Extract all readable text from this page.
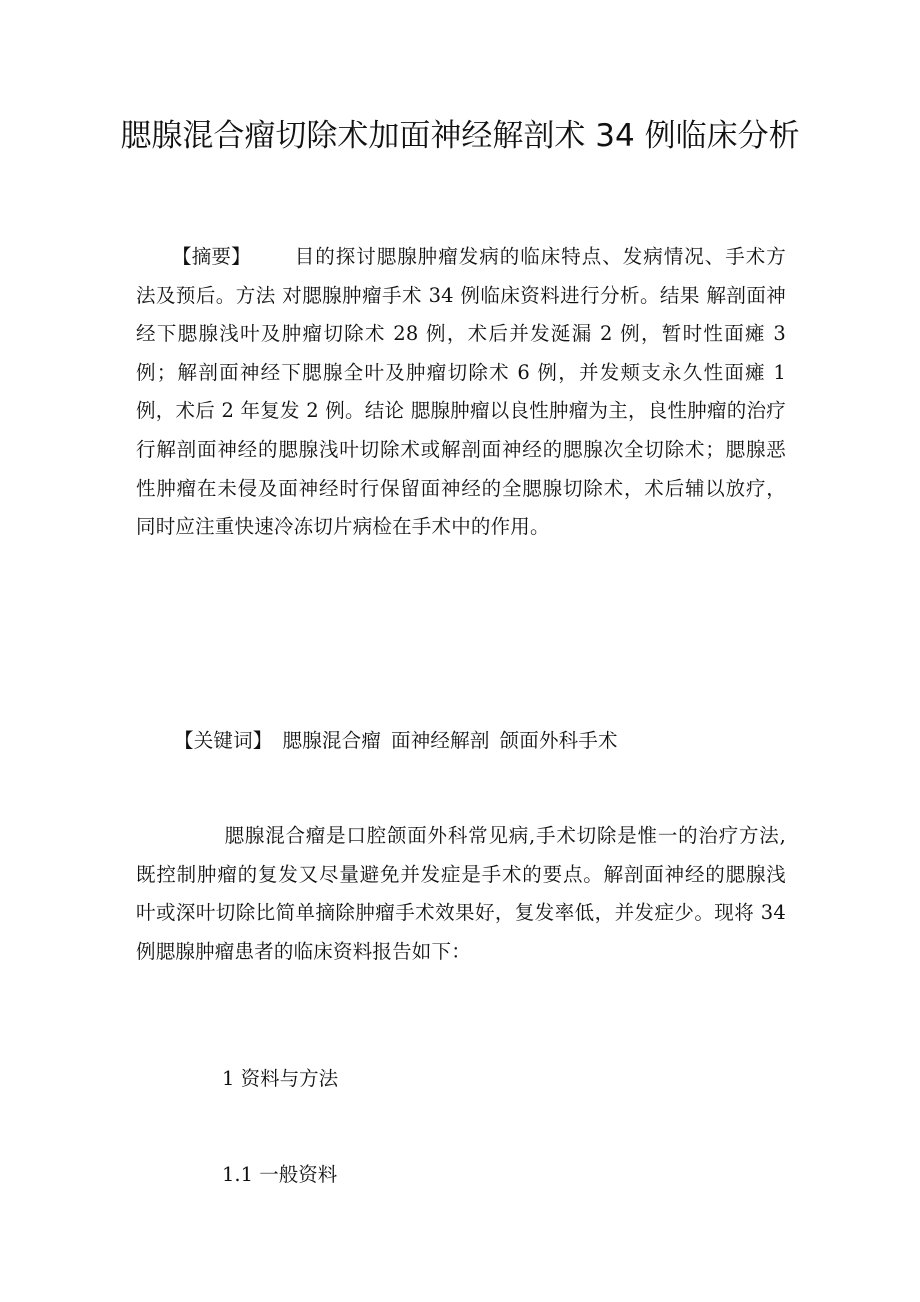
腮腺混合瘤切除术加面神经解剖术 34 例临床分析

【摘要】 目的探讨腮腺肿瘤发病的临床特点、发病情况、手术方法及预后。方法 对腮腺肿瘤手术 34 例临床资料进行分析。结果 解剖面神经下腮腺浅叶及肿瘤切除术 28 例，术后并发涎漏 2 例，暂时性面瘫 3 例；解剖面神经下腮腺全叶及肿瘤切除术 6 例，并发颊支永久性面瘫 1 例，术后 2 年复发 2 例。结论 腮腺肿瘤以良性肿瘤为主，良性肿瘤的治疗行解剖面神经的腮腺浅叶切除术或解剖面神经的腮腺次全切除术；腮腺恶性肿瘤在未侵及面神经时行保留面神经的全腮腺切除术，术后辅以放疗，同时应注重快速冷冻切片病检在手术中的作用。

【关键词】 腮腺混合瘤 面神经解剖 颌面外科手术

腮腺混合瘤是口腔颌面外科常见病,手术切除是惟一的治疗方法,既控制肿瘤的复发又尽量避免并发症是手术的要点。解剖面神经的腮腺浅叶或深叶切除比简单摘除肿瘤手术效果好，复发率低，并发症少。现将 34 例腮腺肿瘤患者的临床资料报告如下：

1 资料与方法

1.1 一般资料
